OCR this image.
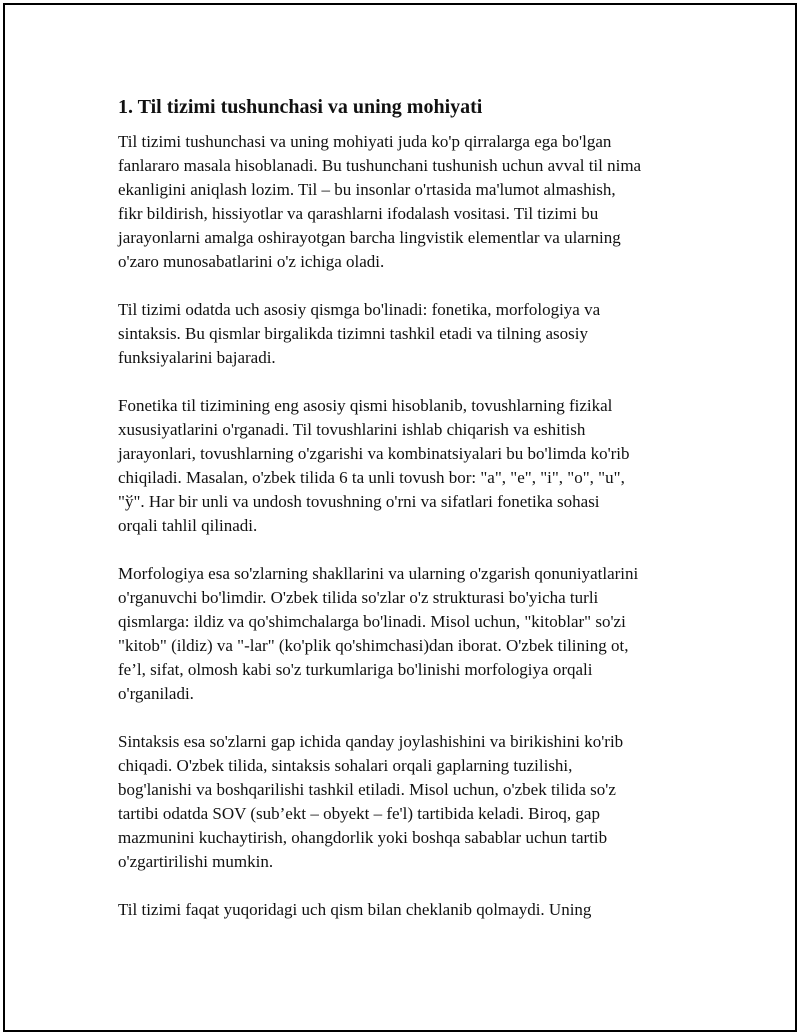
1. Til tizimi tushunchasi va uning mohiyati

Til tizimi tushunchasi va uning mohiyati juda ko'p qirralarga ega bo'lgan
fanlararo masala hisoblanadi. Bu tushunchani tushunish uchun avval til nima
ekanligini aniqlash lozim. Til – bu insonlar o'rtasida ma'lumot almashish,
fikr bildirish, hissiyotlar va qarashlarni ifodalash vositasi. Til tizimi bu
jarayonlarni amalga oshirayotgan barcha lingvistik elementlar va ularning
o'zaro munosabatlarini o'z ichiga oladi.

Til tizimi odatda uch asosiy qismga bo'linadi: fonetika, morfologiya va
sintaksis. Bu qismlar birgalikda tizimni tashkil etadi va tilning asosiy
funksiyalarini bajaradi.

Fonetika til tizimining eng asosiy qismi hisoblanib, tovushlarning fizikal
xususiyatlarini o'rganadi. Til tovushlarini ishlab chiqarish va eshitish
jarayonlari, tovushlarning o'zgarishi va kombinatsiyalari bu bo'limda ko'rib
chiqiladi. Masalan, o'zbek tilida 6 ta unli tovush bor: "a", "e", "i", "o", "u",
"ў". Har bir unli va undosh tovushning o'rni va sifatlari fonetika sohasi
orqali tahlil qilinadi.

Morfologiya esa so'zlarning shakllarini va ularning o'zgarish qonuniyatlarini
o'rganuvchi bo'limdir. O'zbek tilida so'zlar o'z strukturasi bo'yicha turli
qismlarga: ildiz va qo'shimchalarga bo'linadi. Misol uchun, "kitoblar" so'zi
"kitob" (ildiz) va "-lar" (ko'plik qo'shimchasi)dan iborat. O'zbek tilining ot,
fe’l, sifat, olmosh kabi so'z turkumlariga bo'linishi morfologiya orqali
o'rganiladi.

Sintaksis esa so'zlarni gap ichida qanday joylashishini va birikishini ko'rib
chiqadi. O'zbek tilida, sintaksis sohalari orqali gaplarning tuzilishi,
bog'lanishi va boshqarilishi tashkil etiladi. Misol uchun, o'zbek tilida so'z
tartibi odatda SOV (sub’ekt – obyekt – fe'l) tartibida keladi. Biroq, gap
mazmunini kuchaytirish, ohangdorlik yoki boshqa sabablar uchun tartib
o'zgartirilishi mumkin.

Til tizimi faqat yuqoridagi uch qism bilan cheklanib qolmaydi. Uning
